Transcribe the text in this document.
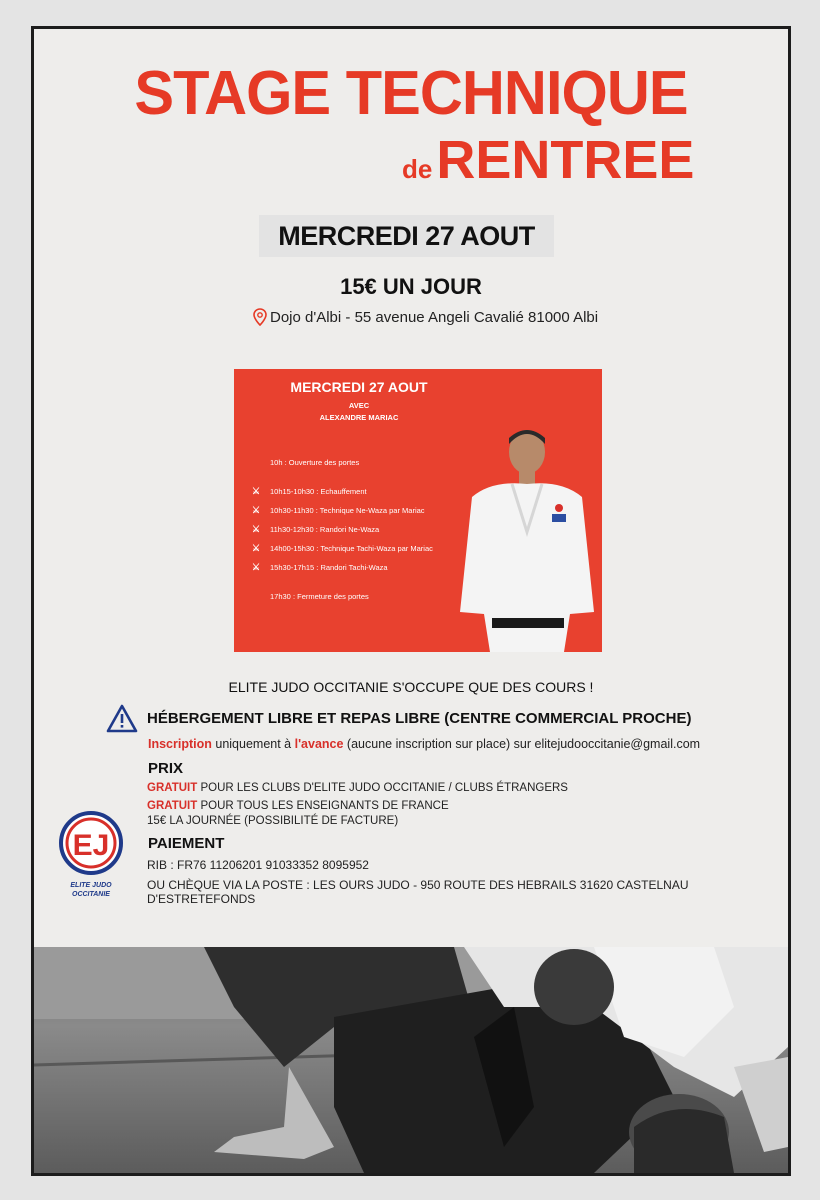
STAGE TECHNIQUE
deRENTREE
MERCREDI 27 AOUT
15€ UN JOUR
Dojo d'Albi - 55 avenue Angeli Cavalié 81000 Albi
MERCREDI 27 AOUT
AVEC
ALEXANDRE MARIAC
10h : Ouverture des portes
⚔	10h15-10h30 : Echauffement
⚔	10h30-11h30 : Technique Ne-Waza par Mariac
⚔	11h30-12h30 : Randori Ne-Waza
⚔	14h00-15h30 : Technique Tachi-Waza par Mariac
⚔	15h30-17h15 : Randori Tachi-Waza
17h30 : Fermeture des portes
ELITE JUDO OCCITANIE S'OCCUPE QUE DES COURS !
HÉBERGEMENT LIBRE ET REPAS LIBRE (CENTRE COMMERCIAL PROCHE)
Inscription uniquement à l'avance (aucune inscription sur place) sur elitejudooccitanie@gmail.com
PRIX
GRATUIT POUR LES CLUBS D'ELITE JUDO OCCITANIE / CLUBS ÉTRANGERS
GRATUIT POUR TOUS LES ENSEIGNANTS DE FRANCE
15€ LA JOURNÉE (POSSIBILITÉ DE FACTURE)
EJ
ELITE JUDO
OCCITANIE
PAIEMENT
RIB : FR76 11206201 91033352 8095952
OU CHÈQUE VIA LA POSTE : LES OURS JUDO - 950 ROUTE DES HEBRAILS 31620 CASTELNAU D'ESTRETEFONDS
